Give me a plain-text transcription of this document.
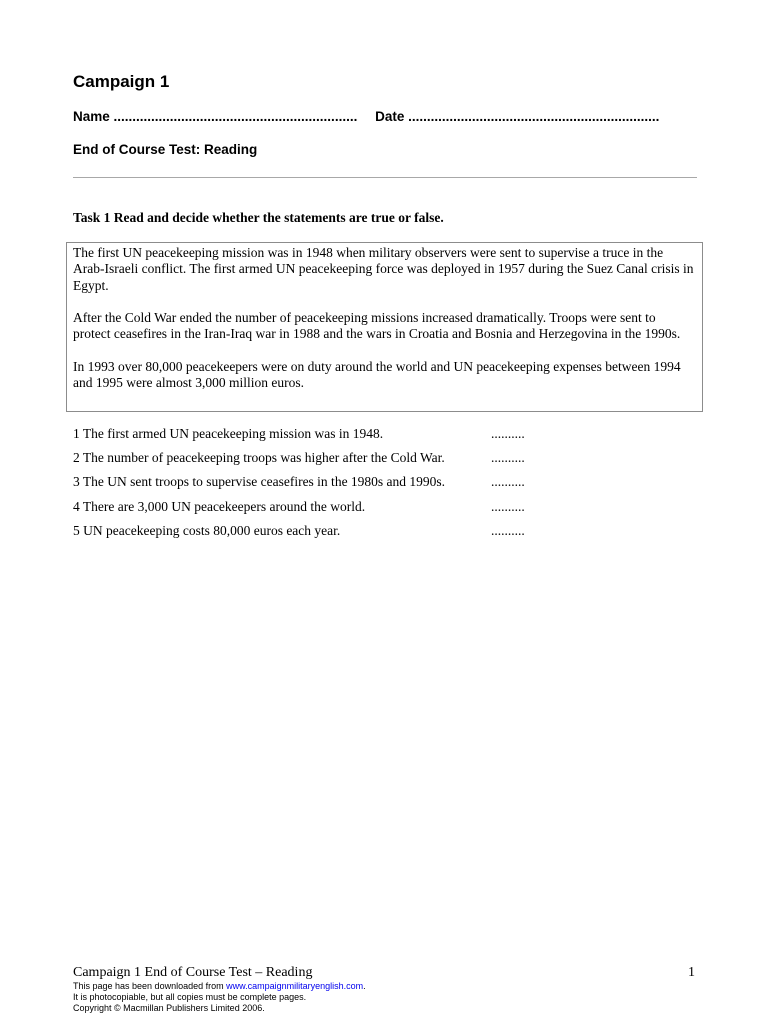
Campaign 1
Name ................................................................. Date ...................................................................
End of Course Test: Reading
Task 1 Read and decide whether the statements are true or false.

The first UN peacekeeping mission was in 1948 when military observers were sent to supervise a truce in the Arab-Israeli conflict. The first armed UN peacekeeping force was deployed in 1957 during the Suez Canal crisis in Egypt.

After the Cold War ended the number of peacekeeping missions increased dramatically. Troops were sent to protect ceasefires in the Iran-Iraq war in 1988 and the wars in Croatia and Bosnia and Herzegovina in the 1990s.

In 1993 over 80,000 peacekeepers were on duty around the world and UN peacekeeping expenses between 1994 and 1995 were almost 3,000 million euros.

1 The first armed UN peacekeeping mission was in 1948.	..........
2 The number of peacekeeping troops was higher after the Cold War.	..........
3 The UN sent troops to supervise ceasefires in the 1980s and 1990s.	..........
4 There are 3,000 UN peacekeepers around the world.	..........
5 UN peacekeeping costs 80,000 euros each year.	..........
Campaign 1 End of Course Test – Reading	1
This page has been downloaded from www.campaignmilitaryenglish.com.
It is photocopiable, but all copies must be complete pages.
Copyright © Macmillan Publishers Limited 2006.
